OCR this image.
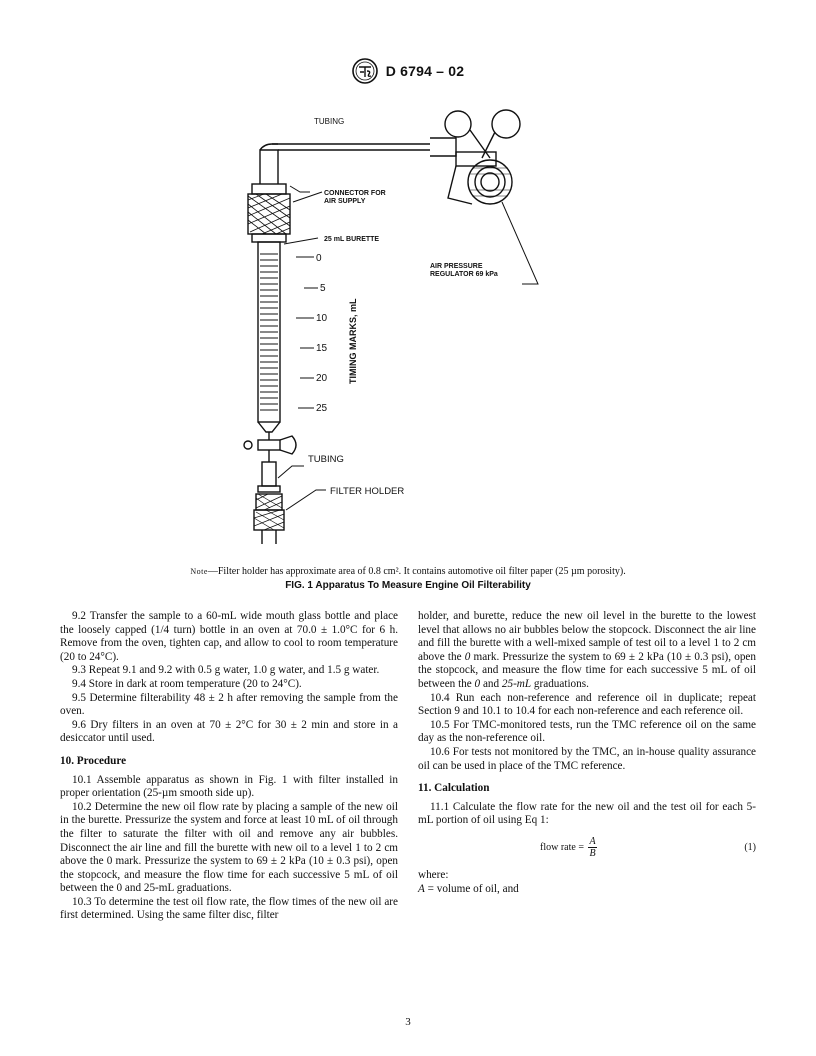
D 6794 – 02
TUBING
CONNECTOR FOR AIR SUPPLY
25 mL BURETTE
AIR PRESSURE REGULATOR 69 kPa
0
5
10
15
20
25
TIMING MARKS, mL
TUBING
FILTER HOLDER
Note—Filter holder has approximate area of 0.8 cm². It contains automotive oil filter paper (25 µm porosity).
FIG. 1 Apparatus To Measure Engine Oil Filterability

9.2 Transfer the sample to a 60-mL wide mouth glass bottle and place the loosely capped (1/4 turn) bottle in an oven at 70.0 ± 1.0°C for 6 h. Remove from the oven, tighten cap, and allow to cool to room temperature (20 to 24°C).

9.3 Repeat 9.1 and 9.2 with 0.5 g water, 1.0 g water, and 1.5 g water.

9.4 Store in dark at room temperature (20 to 24°C).

9.5 Determine filterability 48 ± 2 h after removing the sample from the oven.

9.6 Dry filters in an oven at 70 ± 2°C for 30 ± 2 min and store in a desiccator until used.

10. Procedure

10.1 Assemble apparatus as shown in Fig. 1 with filter installed in proper orientation (25-µm smooth side up).

10.2 Determine the new oil flow rate by placing a sample of the new oil in the burette. Pressurize the system and force at least 10 mL of oil through the filter to saturate the filter with oil and remove any air bubbles. Disconnect the air line and fill the burette with new oil to a level 1 to 2 cm above the 0 mark. Pressurize the system to 69 ± 2 kPa (10 ± 0.3 psi), open the stopcock, and measure the flow time for each successive 5 mL of oil between the 0 and 25-mL graduations.

10.3 To determine the test oil flow rate, the flow times of the new oil are first determined. Using the same filter disc, filter

holder, and burette, reduce the new oil level in the burette to the lowest level that allows no air bubbles below the stopcock. Disconnect the air line and fill the burette with a well-mixed sample of test oil to a level 1 to 2 cm above the 0 mark. Pressurize the system to 69 ± 2 kPa (10 ± 0.3 psi), open the stopcock, and measure the flow time for each successive 5 mL of oil between the 0 and 25-mL graduations.

10.4 Run each non-reference and reference oil in duplicate; repeat Section 9 and 10.1 to 10.4 for each non-reference and each reference oil.

10.5 For TMC-monitored tests, run the TMC reference oil on the same day as the non-reference oil.

10.6 For tests not monitored by the TMC, an in-house quality assurance oil can be used in place of the TMC reference.

11. Calculation

11.1 Calculate the flow rate for the new oil and the test oil for each 5-mL portion of oil using Eq 1:

flow rate = $\frac{A}{B}$	(1)

where:

A = volume of oil, and

3
